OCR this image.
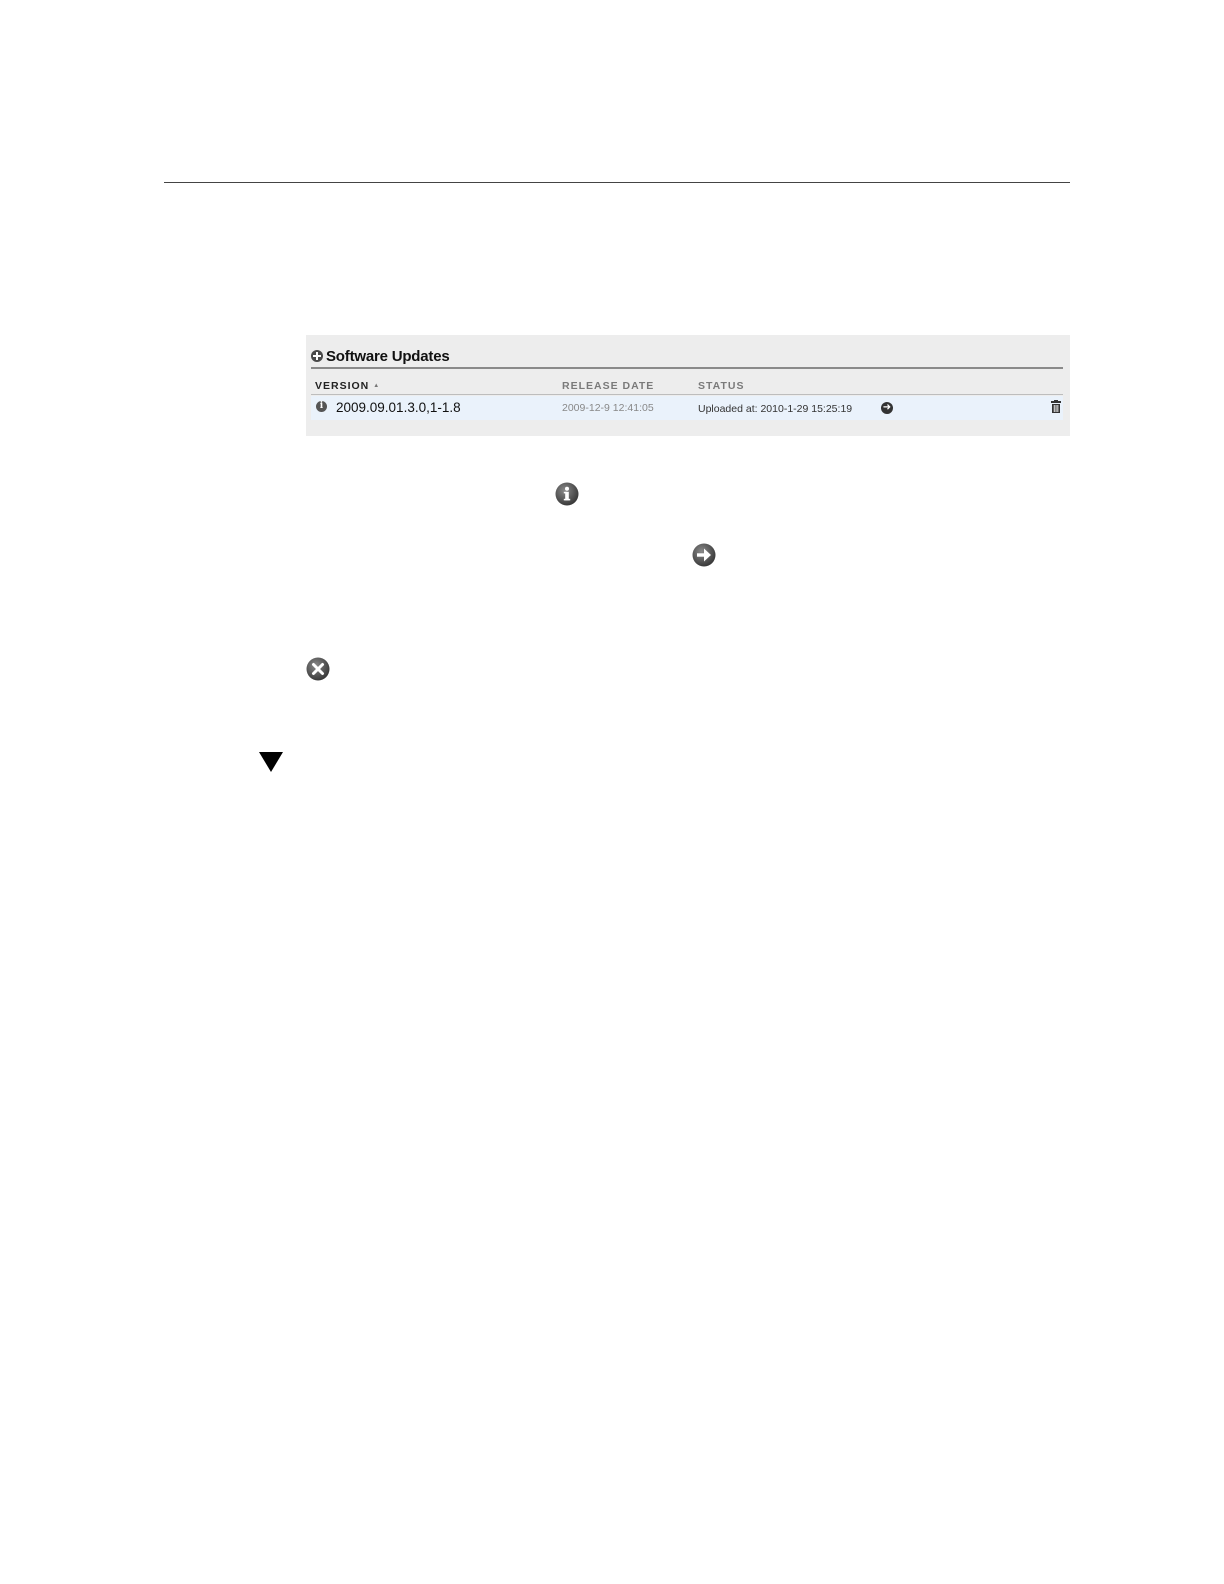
Software Updates
VERSION ▲	RELEASE DATE	STATUS
i 2009.09.01.3.0,1-1.8	2009-12-9 12:41:05	Uploaded at: 2010-1-29 15:25:19	➜
